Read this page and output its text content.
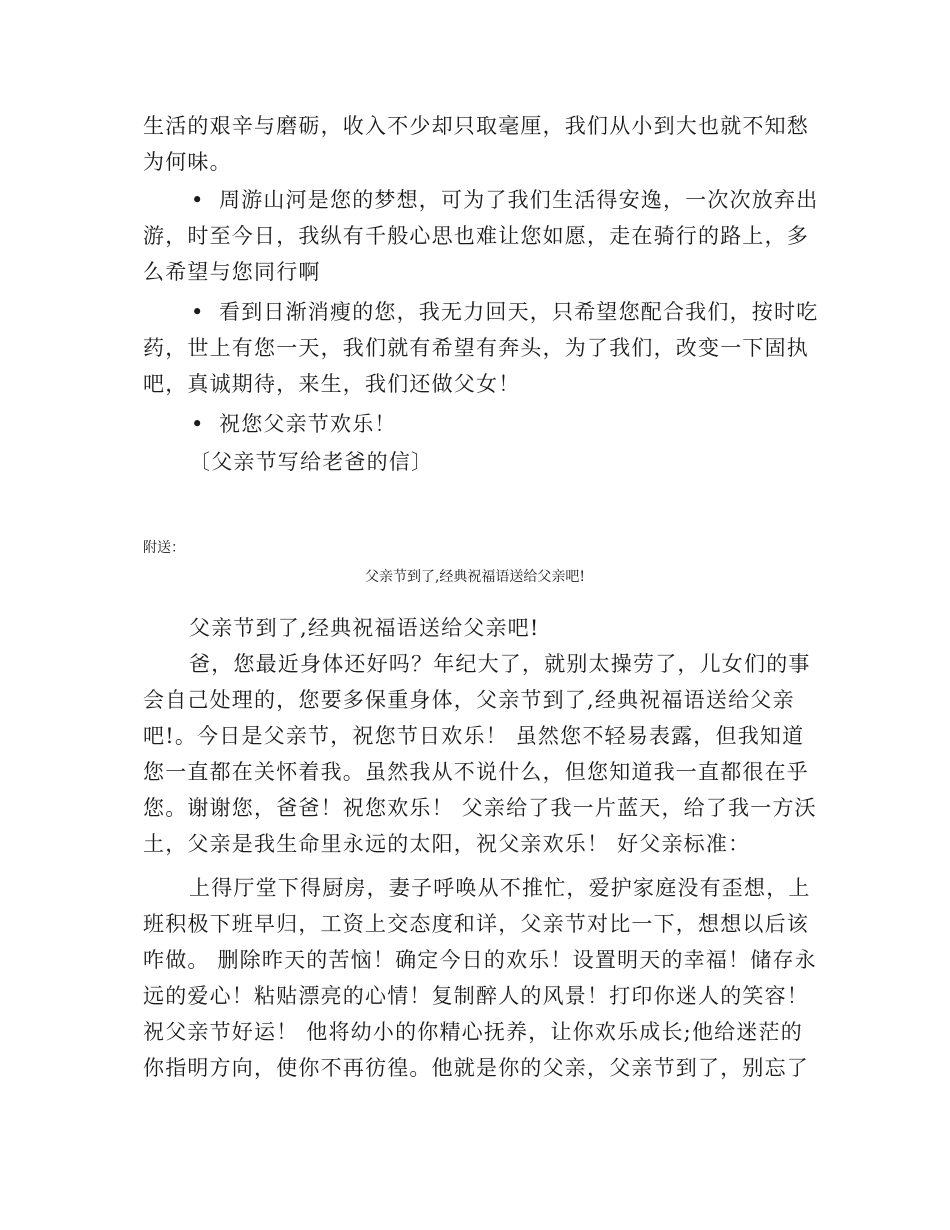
生活的艰辛与磨砺，收入不少却只取毫厘，我们从小到大也就不知愁
为何味。
• 周游山河是您的梦想，可为了我们生活得安逸，一次次放弃出
游，时至今日，我纵有千般心思也难让您如愿，走在骑行的路上，多
么希望与您同行啊
• 看到日渐消瘦的您，我无力回天，只希望您配合我们，按时吃
药，世上有您一天，我们就有希望有奔头，为了我们，改变一下固执
吧，真诚期待，来生，我们还做父女！
• 祝您父亲节欢乐！
〔父亲节写给老爸的信〕
附送：
父亲节到了,经典祝福语送给父亲吧!
父亲节到了,经典祝福语送给父亲吧!
爸，您最近身体还好吗？年纪大了，就别太操劳了，儿女们的事
会自己处理的，您要多保重身体，父亲节到了,经典祝福语送给父亲
吧!。今日是父亲节，祝您节日欢乐！ 虽然您不轻易表露，但我知道
您一直都在关怀着我。虽然我从不说什么，但您知道我一直都很在乎
您。谢谢您，爸爸！祝您欢乐！ 父亲给了我一片蓝天，给了我一方沃
土，父亲是我生命里永远的太阳，祝父亲欢乐！ 好父亲标准：
上得厅堂下得厨房，妻子呼唤从不推忙，爱护家庭没有歪想，上
班积极下班早归，工资上交态度和详，父亲节对比一下，想想以后该
咋做。 删除昨天的苦恼！确定今日的欢乐！设置明天的幸福！储存永
远的爱心！粘贴漂亮的心情！复制醉人的风景！打印你迷人的笑容！
祝父亲节好运！ 他将幼小的你精心抚养，让你欢乐成长;他给迷茫的
你指明方向，使你不再彷徨。他就是你的父亲，父亲节到了，别忘了
